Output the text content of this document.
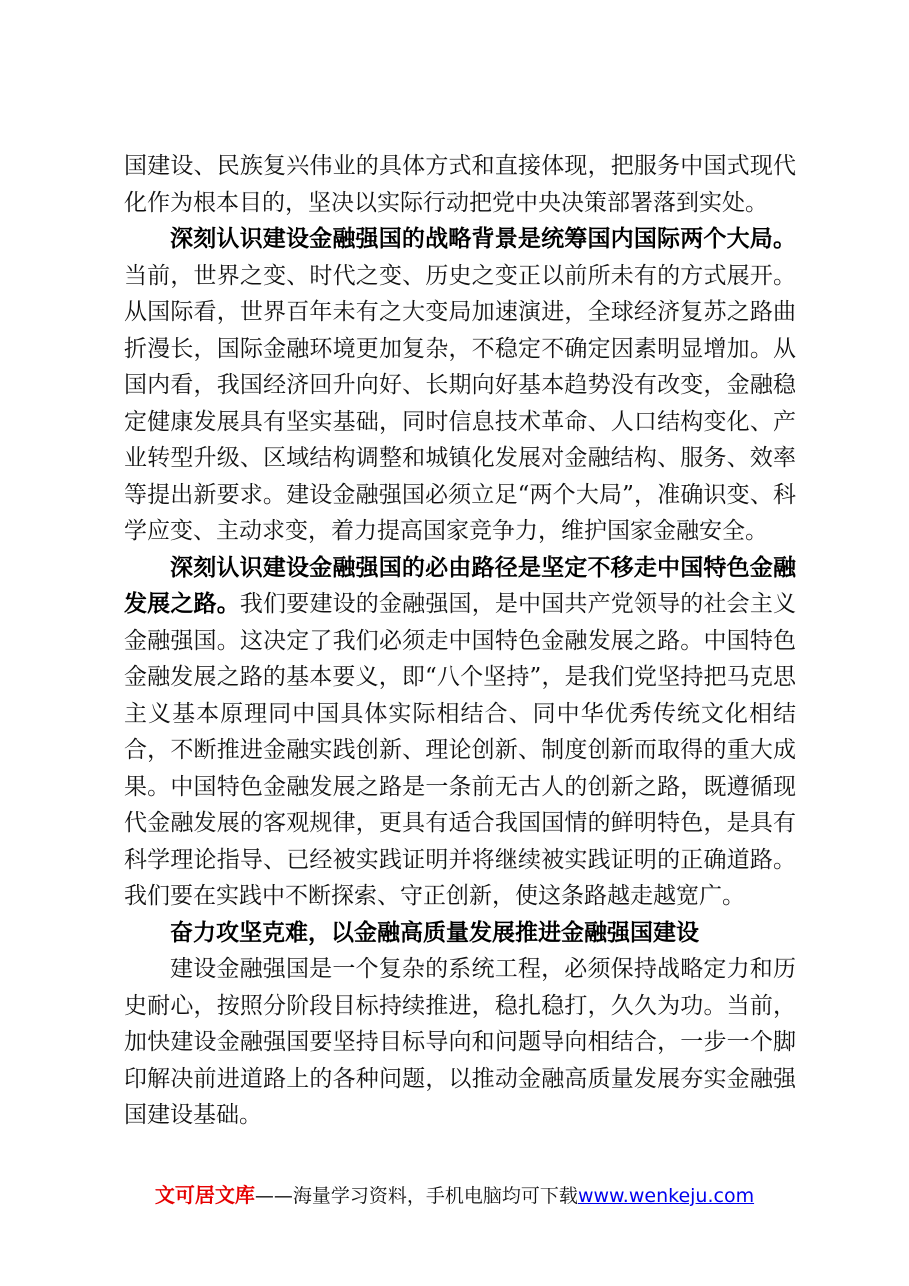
国建设、民族复兴伟业的具体方式和直接体现，把服务中国式现代化作为根本目的，坚决以实际行动把党中央决策部署落到实处。

深刻认识建设金融强国的战略背景是统筹国内国际两个大局。当前，世界之变、时代之变、历史之变正以前所未有的方式展开。从国际看，世界百年未有之大变局加速演进，全球经济复苏之路曲折漫长，国际金融环境更加复杂，不稳定不确定因素明显增加。从国内看，我国经济回升向好、长期向好基本趋势没有改变，金融稳定健康发展具有坚实基础，同时信息技术革命、人口结构变化、产业转型升级、区域结构调整和城镇化发展对金融结构、服务、效率等提出新要求。建设金融强国必须立足“两个大局”，准确识变、科学应变、主动求变，着力提高国家竞争力，维护国家金融安全。

深刻认识建设金融强国的必由路径是坚定不移走中国特色金融发展之路。我们要建设的金融强国，是中国共产党领导的社会主义金融强国。这决定了我们必须走中国特色金融发展之路。中国特色金融发展之路的基本要义，即“八个坚持”，是我们党坚持把马克思主义基本原理同中国具体实际相结合、同中华优秀传统文化相结合，不断推进金融实践创新、理论创新、制度创新而取得的重大成果。中国特色金融发展之路是一条前无古人的创新之路，既遵循现代金融发展的客观规律，更具有适合我国国情的鲜明特色，是具有科学理论指导、已经被实践证明并将继续被实践证明的正确道路。我们要在实践中不断探索、守正创新，使这条路越走越宽广。

奋力攻坚克难，以金融高质量发展推进金融强国建设

建设金融强国是一个复杂的系统工程，必须保持战略定力和历史耐心，按照分阶段目标持续推进，稳扎稳打，久久为功。当前，加快建设金融强国要坚持目标导向和问题导向相结合，一步一个脚印解决前进道路上的各种问题，以推动金融高质量发展夯实金融强国建设基础。

文可居文库——海量学习资料，手机电脑均可下载www.wenkeju.com
